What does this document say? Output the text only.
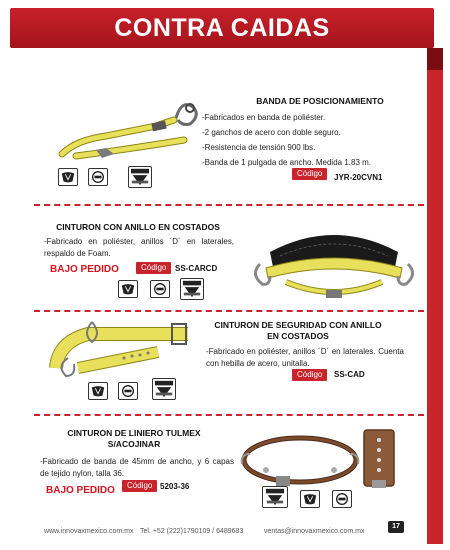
CONTRA CAIDAS
BANDA DE POSICIONAMIENTO
-Fabricados en banda de poliéster.
-2 ganchos de acero con doble seguro.
-Resistencia de tensión 900 lbs.
-Banda de 1 pulgada de ancho. Medida 1.83 m.
Código	JYR-20CVN1
CINTURON CON ANILLO EN COSTADOS
-Fabricado en poliéster, anillos ´D´ en laterales, respaldo de Foam.
BAJO PEDIDO	Código	SS-CARCD
CINTURON DE SEGURIDAD CON ANILLO EN COSTADOS
-Fabricado en poliéster, anillos ´D´ en laterales. Cuenta con hebilla de acero, unitalla.
Código	SS-CAD
CINTURON DE LINIERO TULMEX S/ACOJINAR
-Fabricado de banda de 45mm de ancho, y 6 capas de tejido nylon, talla 36.
BAJO PEDIDO	Código 5203-36
www.innovaxmexico.com.mx Tel. +52 (222)1790109 / 6489683	ventas@innovaxmexico.com.mx
17
